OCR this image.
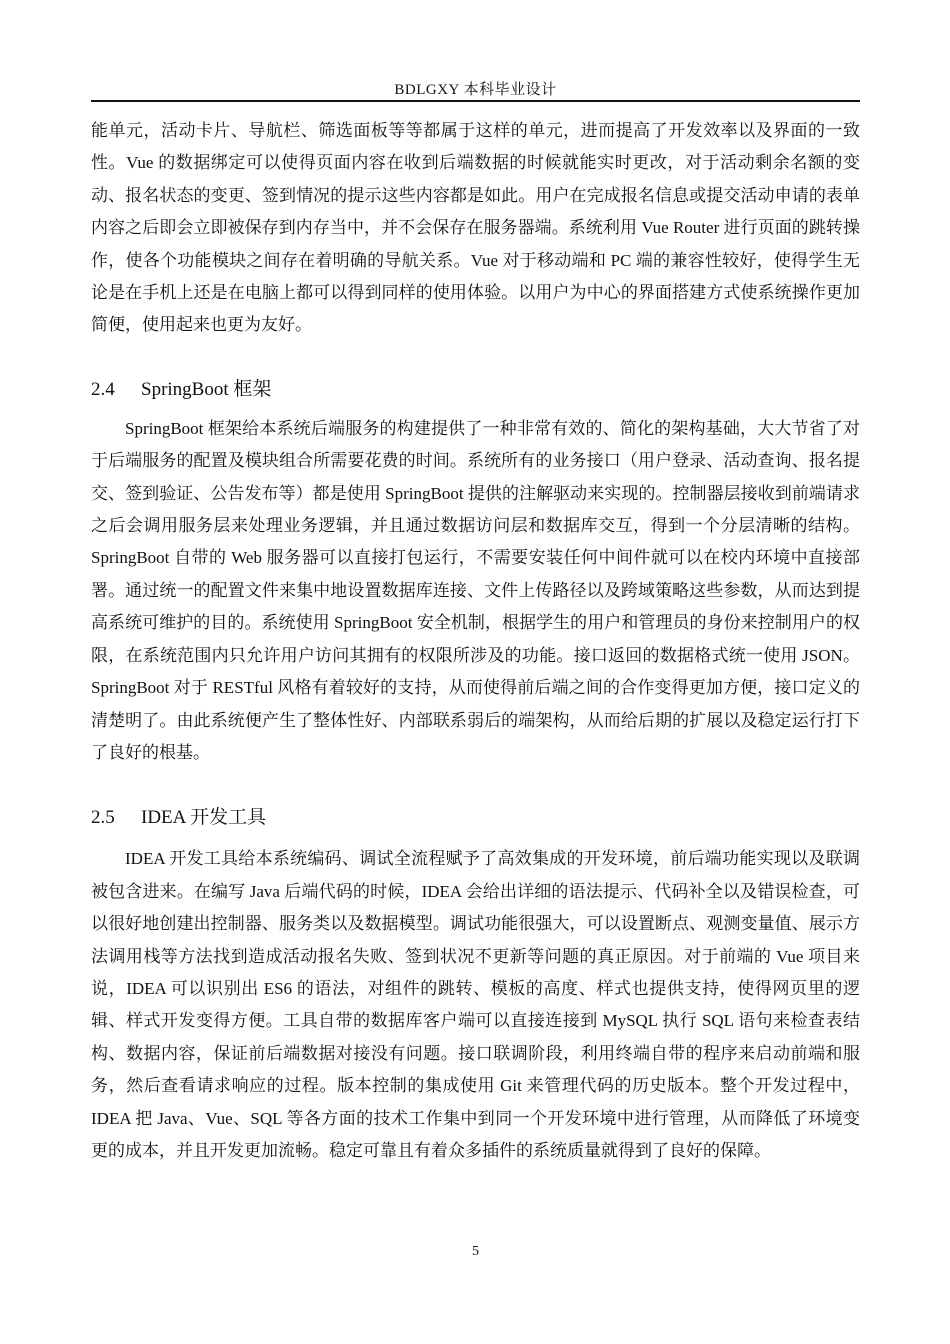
BDLGXY 本科毕业设计

能单元，活动卡片、导航栏、筛选面板等等都属于这样的单元，进而提高了开发效率以及界面的一致性。Vue 的数据绑定可以使得页面内容在收到后端数据的时候就能实时更改，对于活动剩余名额的变动、报名状态的变更、签到情况的提示这些内容都是如此。用户在完成报名信息或提交活动申请的表单内容之后即会立即被保存到内存当中，并不会保存在服务器端。系统利用 Vue Router 进行页面的跳转操作，使各个功能模块之间存在着明确的导航关系。Vue 对于移动端和 PC 端的兼容性较好，使得学生无论是在手机上还是在电脑上都可以得到同样的使用体验。以用户为中心的界面搭建方式使系统操作更加简便，使用起来也更为友好。

2.4 SpringBoot 框架

SpringBoot 框架给本系统后端服务的构建提供了一种非常有效的、简化的架构基础，大大节省了对于后端服务的配置及模块组合所需要花费的时间。系统所有的业务接口（用户登录、活动查询、报名提交、签到验证、公告发布等）都是使用 SpringBoot 提供的注解驱动来实现的。控制器层接收到前端请求之后会调用服务层来处理业务逻辑，并且通过数据访问层和数据库交互，得到一个分层清晰的结构。SpringBoot 自带的 Web 服务器可以直接打包运行，不需要安装任何中间件就可以在校内环境中直接部署。通过统一的配置文件来集中地设置数据库连接、文件上传路径以及跨域策略这些参数，从而达到提高系统可维护的目的。系统使用 SpringBoot 安全机制，根据学生的用户和管理员的身份来控制用户的权限，在系统范围内只允许用户访问其拥有的权限所涉及的功能。接口返回的数据格式统一使用 JSON。SpringBoot 对于 RESTful 风格有着较好的支持，从而使得前后端之间的合作变得更加方便，接口定义的清楚明了。由此系统便产生了整体性好、内部联系弱后的端架构，从而给后期的扩展以及稳定运行打下了良好的根基。

2.5 IDEA 开发工具

IDEA 开发工具给本系统编码、调试全流程赋予了高效集成的开发环境，前后端功能实现以及联调被包含进来。在编写 Java 后端代码的时候，IDEA 会给出详细的语法提示、代码补全以及错误检查，可以很好地创建出控制器、服务类以及数据模型。调试功能很强大，可以设置断点、观测变量值、展示方法调用栈等方法找到造成活动报名失败、签到状况不更新等问题的真正原因。对于前端的 Vue 项目来说，IDEA 可以识别出 ES6 的语法，对组件的跳转、模板的高度、样式也提供支持，使得网页里的逻辑、样式开发变得方便。工具自带的数据库客户端可以直接连接到 MySQL 执行 SQL 语句来检查表结构、数据内容，保证前后端数据对接没有问题。接口联调阶段，利用终端自带的程序来启动前端和服务，然后查看请求响应的过程。版本控制的集成使用 Git 来管理代码的历史版本。整个开发过程中，IDEA 把 Java、Vue、SQL 等各方面的技术工作集中到同一个开发环境中进行管理，从而降低了环境变更的成本，并且开发更加流畅。稳定可靠且有着众多插件的系统质量就得到了良好的保障。

5
